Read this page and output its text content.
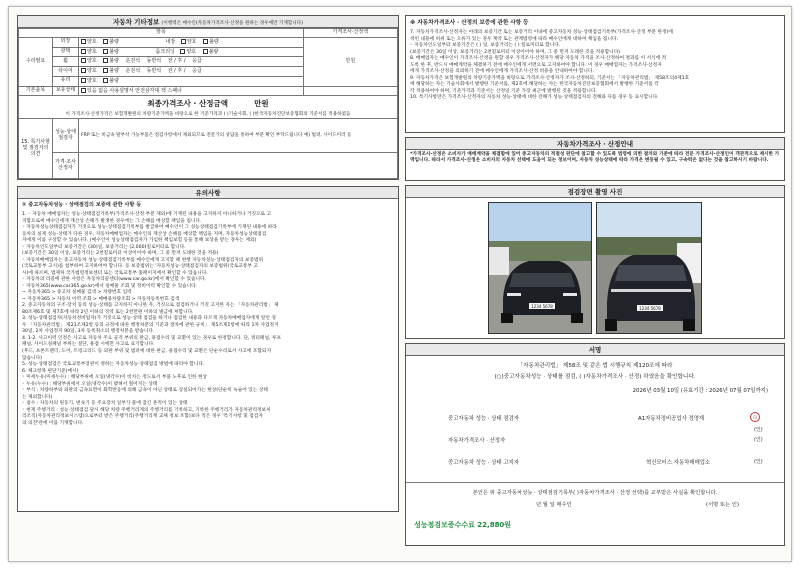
자동차 기타정보 (이행력은 매수인(자동차가격조사·산정을 원하는 경우에만 기재합니다)
항목			가격조사·산정액
수리필요	외장	양호 불량 내장 양호 불량	만원
	광택	양호 불량 룸크리닝 양호 불량	
	휠	양호 불량 운전석 동반석 전 / 후 / 응급	
	타이어	양호 불량 운전석 동반석 전 / 후 / 응급	
	유리	양호 불량	
기본품목	보유상태	있음 없음 사용설명서 안전삼각대 잭 스패너	

최종가격조사 · 산정금액 만원
이 가격조사·산정가격은 보험개발원의 차량기준가액을 바탕으로 한 기준가격과 ( )기술사회, ( )한국자동차진단보증협회의 기준서를 적용하였음			

15. 특기사항 및 점검자의 의견	성능·상태 점검자	FRP 또는 비금속 탈부착 가능부품은 점검사항에서 제외되므로 전문가의 상담을 통하여 부분 확인 부탁드립니다 예) 범퍼, 사이드미러 등	
	가격·조사 산정자		
유의사항
① 중고자동차성능 · 상태점검의 보증에 관한 사항 등
1. ◦ 자동차 매매업자는 성능·상태점검기록부(가격조사·산정 부분 제외)에 기재된 내용을 고지하지 아니하거나 거짓으로 고
지함으로써 매수인에게 재산상 손해가 발생한 경우에는 그 손해를 배상할 책임을 집니다.
◦ 자동차성능상태점검자가 거짓으로 성능·상태점검기록부를 발급하여 매수인이 그 성능상태점검기록부에 기재된 내용에 따라
동차의 실제 성능·상태가 다른 경우, 자동차매매업자는 매수인의 재산상 손해를 배상할 책임을 지며, 자동차성능상태점검
자에게 이를 구상할 수 있습니다. (매수인이 성능상태점검자가 가입한 책임보험 등을 통해 보상을 받는 경우는 제외)
◦ 자동차인도일부터 보증기간은 (30)일, 보증거리는 (2,000)킬로미터로 합니다.
(보증기간은 30일 이상, 보증거리는 2천킬로미터 이상이어야 하며, 그 중 먼저 도래한 것을 적용)
◦ 자동차매매업자는 중고자동차 성능·상태점검기록부를 매수인에게 고지할 때 현행 자동차성능·상태점검자의 보증범위
(국토교통부 고시)를 첨부하여 고지하여야 합니다. 동 보증범위는 '자동차성능·상태점검자의 보증범위(국토교통부 고
시)에 따르며, 법제처 국가법령정보센터 또는 국토교통부 홈페이지에서 확인할 수 있습니다.
◦ 자동차의 리콜에 관한 사항은 자동차리콜센터(www.car.go.kr)에서 확인할 수 있습니다.
◦ 자동차365(www.car365.go.kr)에서 실매물 조회 및 정비이력 확인할 수 있습니다.
~ 자동차365 > 중고차 실매물 검색 > 차량번호 입력
~ 자동차365 > 자동차 이력 조회 > 매매용차량조회 > 자동차등록번호 검색
2. 중고자동차의 구조·장치 등의 성능·상태를 고지하지 아니한 자, 거짓으로 점검하거나 거짓 고지한 자는 「자동차관리법」 제
80조제6호 및 제7호에 따라 2년 이하의 징역 또는 2천만원 이하의 벌금에 처합니다.
3. 성능·상태점검자(자동차정비업자)가 거짓으로 성능·상태 점검을 하거나 점검한 내용과 다르게 자동차매매업자에게 알린 경
우 「자동차관리법」 제21조제2항 등의 규정에 따른 행정처분의 기준과 절차에 관한 규칙」 제5조제1항에 따라 1차 사업정지
30일, 2차 사업정지 90일, 3차 등록취소의 행정처분을 받습니다.
4. 1·2. 사고이력 인정은 사고로 자동차 주요 골격 부위의 판금, 용접수리 및 교환이 있는 경우로 한정합니다. 단, 쿼터패널, 루프
패널, 사이드실패널 부위는 절단, 용접 시에만 사고로 표기합니다.
(후드, 프론트펜더, 도어, 트렁크리드 등 외판 부위 및 범퍼에 대한 판금, 용접수리 및 교환은 단순수리로서 사고에 포함되지
않습니다)
5. 성능·상태점검은 국토교통부장관이 정하는 자동차성능·상태점검 방법에 따라야 합니다.
6. 체크항목 판단기준(예시)
◦ 미세누유(미세누수) : 해당부위에 오일(냉각수)이 비치는 정도로서 부품 노후로 인한 현상
◦ 누유(누수) : 해당부위에서 오일(냉각수)이 맺혀서 떨어지는 상태
◦ 부식 : 차량하부와 외판의 금속표면이 화학반응에 의해 금속이 아닌 상태로 상실되어가는 현상(단순히 녹슬어 있는 상태
는 제외합니다)
◦ 침수 : 자동차의 원동기, 변속기 등 주요장치 일부가 물에 잠긴 흔적이 있는 상태
◦ 현재 주행거리 : 성능·상태점검 당시 해당 차량 주행거리계의 주행거리를 기록하고, 기록한 주행거리가 자동차관리정보처
리조직(자동차관리정보시스템)으로부터 받은 주행거리(주행거리계 교체 정보 포함)보다 적은 경우 '특기사항 및 점검자
의 의견'란에 이를 기재합니다.
※ 자동차가격조사 · 산정의 보증에 관한 사항 등
7. 자동차가격조사·산정자는 아래의 보증기간 또는 보증거리 이내에 중고자동차 성능·상태점검기록부(가격조사·산정 부분 한정)에
적힌 내용에 허위 또는 오류가 있는 경우 계약 또는 관계법령에 따라 매수인에게 대하여 책임을 집니다.
◦ 자동차인도일부터 보증기간은 ( ) 일, 보증거리는 ( ) 킬로미터로 합니다.
(보증기간은 30일 이상, 보증거리는 2천킬로미터 이상이어야 하며, 그 중 먼저 도래한 것을 적용합니다)
8. 매매업자는 매수인이 가격조사·산정을 원할 경우 가격조사·산정자가 해당 자동차 가격을 조사·산정하여 결과를 이 서식에 적
도록 한 후, 반드시 매매계약을 체결하기 전에 매수인에게 서면으로 고지하여야 합니다. 이 경우 매매업자는 가격조사·산정자
에게 가격조사·산정을 의뢰하기 전에 매수인에게 가격조사·산정 비용을 안내하여야 합니다.
9. 자동차가격은 보험개발원의 차량기준가액을 바탕으로 가격조사·산정자가 조사·산정하되, 기준서는 「자동차관리법」 제58조의4제1호
에 해당하는 자는 기술사회에서 발행한 기준서를, 제2호에 해당하는 자는 한국자동차진단보증협회에서 발행한 기준서를 각
각 적용하여야 하며, 기준가격과 기준서는 산정일 기준 가장 최근에 발행된 것을 적용합니다.
10. 특기사항란은 가격조사·산정자의 자동차 성능·상태에 대한 견해가 성능·상태점검자의 견해와 다를 경우 등 표시합니다.
자동차가격조사 · 산정안내
*가격조사·산정은 소비자가 매매계약을 체결함에 있어 중고자동차의 적절성 판단에 참고할 수 있도록 법령에 의한 절차와 기준에 따라 전문 가격조사·산정인이 객관적으로 제시한 가액입니다. 따라서 가격조사·산정은 소비자의 자동차 선택에 도움이 되는 정보이며, 자동차 성능상태에 따라 가격은 변동될 수 있고, 구속력은 없다는 것을 참고하시기 바랍니다.
점검장면 촬영 사진
1234 5678	1234 5678
서명
「자동차관리법」 제58조 및 같은 법 시행규칙 제120조에 따라
(○)중고자동차성능 · 상태를 점검, ( )자동차가격조사 · 산정) 하였음을 확인합니다.
2026년 03월 10일 (유효기간 : 2026년 07월 07일까지)
중고자동차 성능 · 상태 점검자	A1자동차정비공업사 정영재	印
(인)
자동차가격조사 · 산정자	(인)
중고자동차 성능 · 상태 고지자	혁신모터스 자동차매매업소	(인)
본인은 위 중고자동차성능 · 상태점검기록부( )자동차가격조사 · 산정 선택)를 교부받은 사실을 확인합니다.
년 월 일 매수인	(서명 또는 인)
성능점검보증수수료 22,880원
